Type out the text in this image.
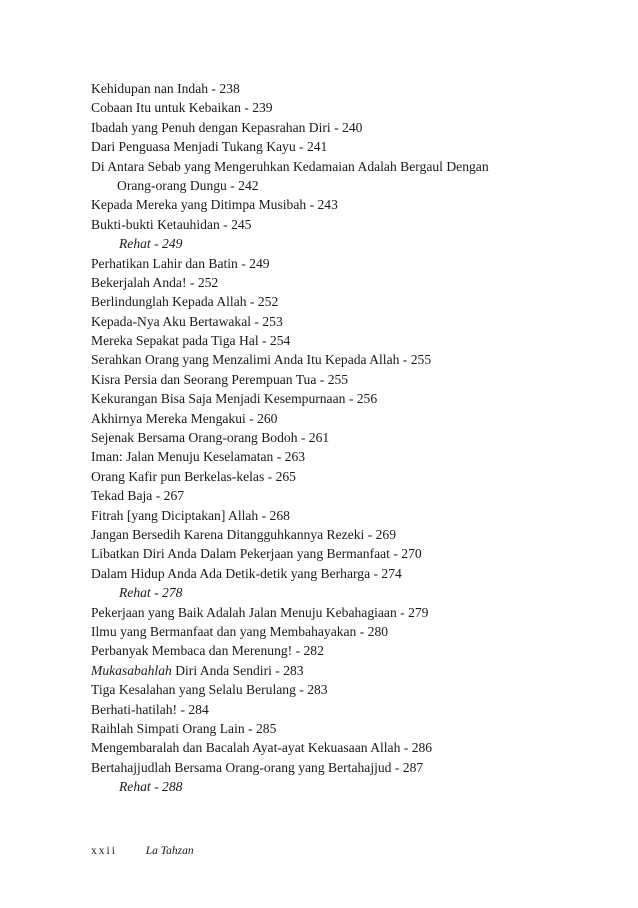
Kehidupan nan Indah - 238
Cobaan Itu untuk Kebaikan - 239
Ibadah yang Penuh dengan Kepasrahan Diri - 240
Dari Penguasa Menjadi Tukang Kayu - 241
Di Antara Sebab yang Mengeruhkan Kedamaian Adalah Bergaul Dengan
Orang-orang Dungu - 242
Kepada Mereka yang Ditimpa Musibah - 243
Bukti-bukti Ketauhidan - 245
Rehat - 249
Perhatikan Lahir dan Batin - 249
Bekerjalah Anda! - 252
Berlindunglah Kepada Allah - 252
Kepada-Nya Aku Bertawakal - 253
Mereka Sepakat pada Tiga Hal - 254
Serahkan Orang yang Menzalimi Anda Itu Kepada Allah - 255
Kisra Persia dan Seorang Perempuan Tua - 255
Kekurangan Bisa Saja Menjadi Kesempurnaan - 256
Akhirnya Mereka Mengakui - 260
Sejenak Bersama Orang-orang Bodoh - 261
Iman: Jalan Menuju Keselamatan - 263
Orang Kafir pun Berkelas-kelas - 265
Tekad Baja - 267
Fitrah [yang Diciptakan] Allah - 268
Jangan Bersedih Karena Ditangguhkannya Rezeki - 269
Libatkan Diri Anda Dalam Pekerjaan yang Bermanfaat - 270
Dalam Hidup Anda Ada Detik-detik yang Berharga - 274
Rehat - 278
Pekerjaan yang Baik Adalah Jalan Menuju Kebahagiaan - 279
Ilmu yang Bermanfaat dan yang Membahayakan - 280
Perbanyak Membaca dan Merenung! - 282
Mukasabahlah Diri Anda Sendiri - 283
Tiga Kesalahan yang Selalu Berulang - 283
Berhati-hatilah! - 284
Raihlah Simpati Orang Lain - 285
Mengembaralah dan Bacalah Ayat-ayat Kekuasaan Allah - 286
Bertahajjudlah Bersama Orang-orang yang Bertahajjud - 287
Rehat - 288
xxii	La Tahzan
